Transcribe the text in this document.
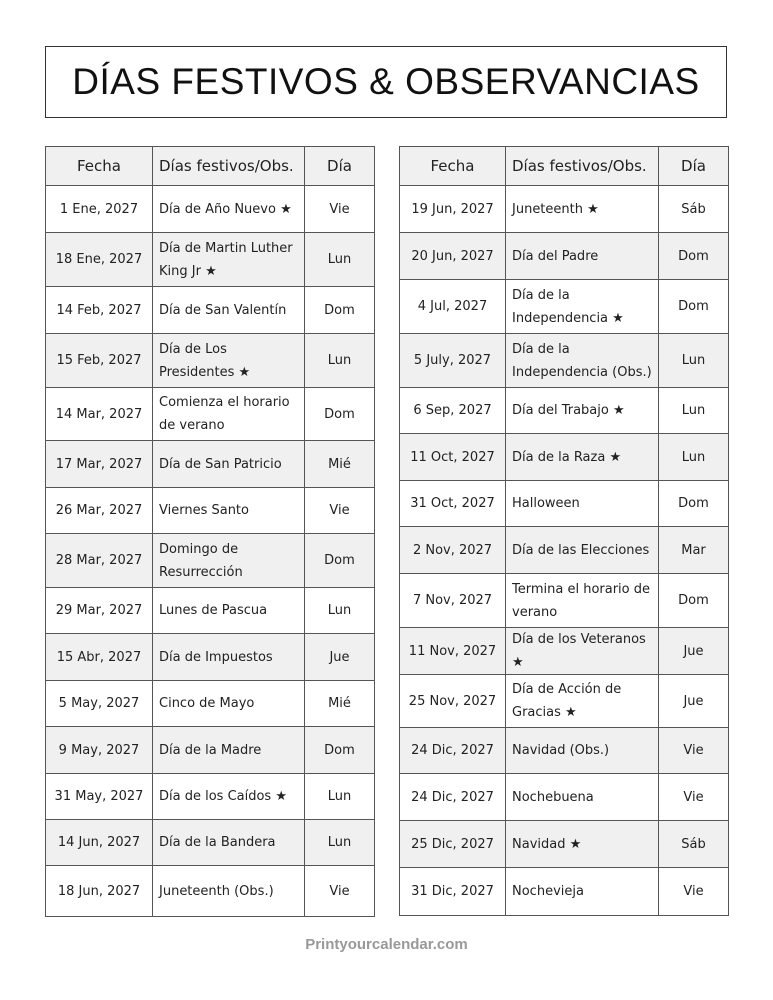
DÍAS FESTIVOS & OBSERVANCIAS
Fecha	Días festivos/Obs.	Día
1 Ene, 2027	Día de Año Nuevo ★	Vie
18 Ene, 2027	Día de Martin Luther King Jr ★	Lun
14 Feb, 2027	Día de San Valentín	Dom
15 Feb, 2027	Día de Los Presidentes ★	Lun
14 Mar, 2027	Comienza el horario de verano	Dom
17 Mar, 2027	Día de San Patricio	Mié
26 Mar, 2027	Viernes Santo	Vie
28 Mar, 2027	Domingo de Resurrección	Dom
29 Mar, 2027	Lunes de Pascua	Lun
15 Abr, 2027	Día de Impuestos	Jue
5 May, 2027	Cinco de Mayo	Mié
9 May, 2027	Día de la Madre	Dom
31 May, 2027	Día de los Caídos ★	Lun
14 Jun, 2027	Día de la Bandera	Lun
18 Jun, 2027	Juneteenth (Obs.)	Vie
Fecha	Días festivos/Obs.	Día
19 Jun, 2027	Juneteenth ★	Sáb
20 Jun, 2027	Día del Padre	Dom
4 Jul, 2027	Día de la Independencia ★	Dom
5 July, 2027	Día de la Independencia (Obs.)	Lun
6 Sep, 2027	Día del Trabajo ★	Lun
11 Oct, 2027	Día de la Raza ★	Lun
31 Oct, 2027	Halloween	Dom
2 Nov, 2027	Día de las Elecciones	Mar
7 Nov, 2027	Termina el horario de verano	Dom
11 Nov, 2027	Día de los Veteranos ★	Jue
25 Nov, 2027	Día de Acción de Gracias ★	Jue
24 Dic, 2027	Navidad (Obs.)	Vie
24 Dic, 2027	Nochebuena	Vie
25 Dic, 2027	Navidad ★	Sáb
31 Dic, 2027	Nochevieja	Vie
Printyourcalendar.com
